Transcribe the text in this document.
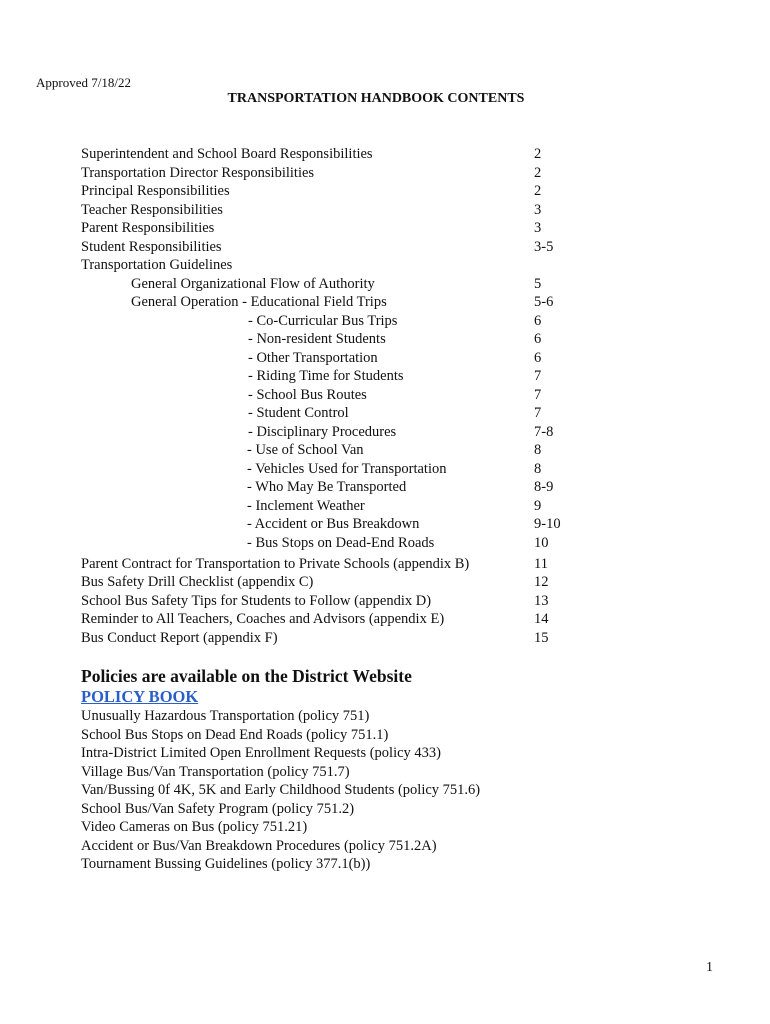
Approved 7/18/22
TRANSPORTATION HANDBOOK CONTENTS
Superintendent and School Board Responsibilities	2
Transportation Director Responsibilities	2
Principal Responsibilities	2
Teacher Responsibilities	3
Parent Responsibilities	3
Student Responsibilities	3-5
Transportation Guidelines
General Organizational Flow of Authority	5
General Operation - Educational Field Trips	5-6
- Co-Curricular Bus Trips	6
- Non-resident Students	6
- Other Transportation	6
- Riding Time for Students	7
- School Bus Routes	7
- Student Control	7
- Disciplinary Procedures	7-8
- Use of School Van	8
- Vehicles Used for Transportation	8
- Who May Be Transported	8-9
- Inclement Weather	9
- Accident or Bus Breakdown	9-10
- Bus Stops on Dead-End Roads	10
Parent Contract for Transportation to Private Schools (appendix B)	11
Bus Safety Drill Checklist (appendix C)	12
School Bus Safety Tips for Students to Follow (appendix D)	13
Reminder to All Teachers, Coaches and Advisors (appendix E)	14
Bus Conduct Report (appendix F)	15
Policies are available on the District Website
POLICY BOOK
Unusually Hazardous Transportation (policy 751)
School Bus Stops on Dead End Roads (policy 751.1)
Intra-District Limited Open Enrollment Requests (policy 433)
Village Bus/Van Transportation (policy 751.7)
Van/Bussing 0f 4K, 5K and Early Childhood Students (policy 751.6)
School Bus/Van Safety Program (policy 751.2)
Video Cameras on Bus (policy 751.21)
Accident or Bus/Van Breakdown Procedures (policy 751.2A)
Tournament Bussing Guidelines (policy 377.1(b))
1
